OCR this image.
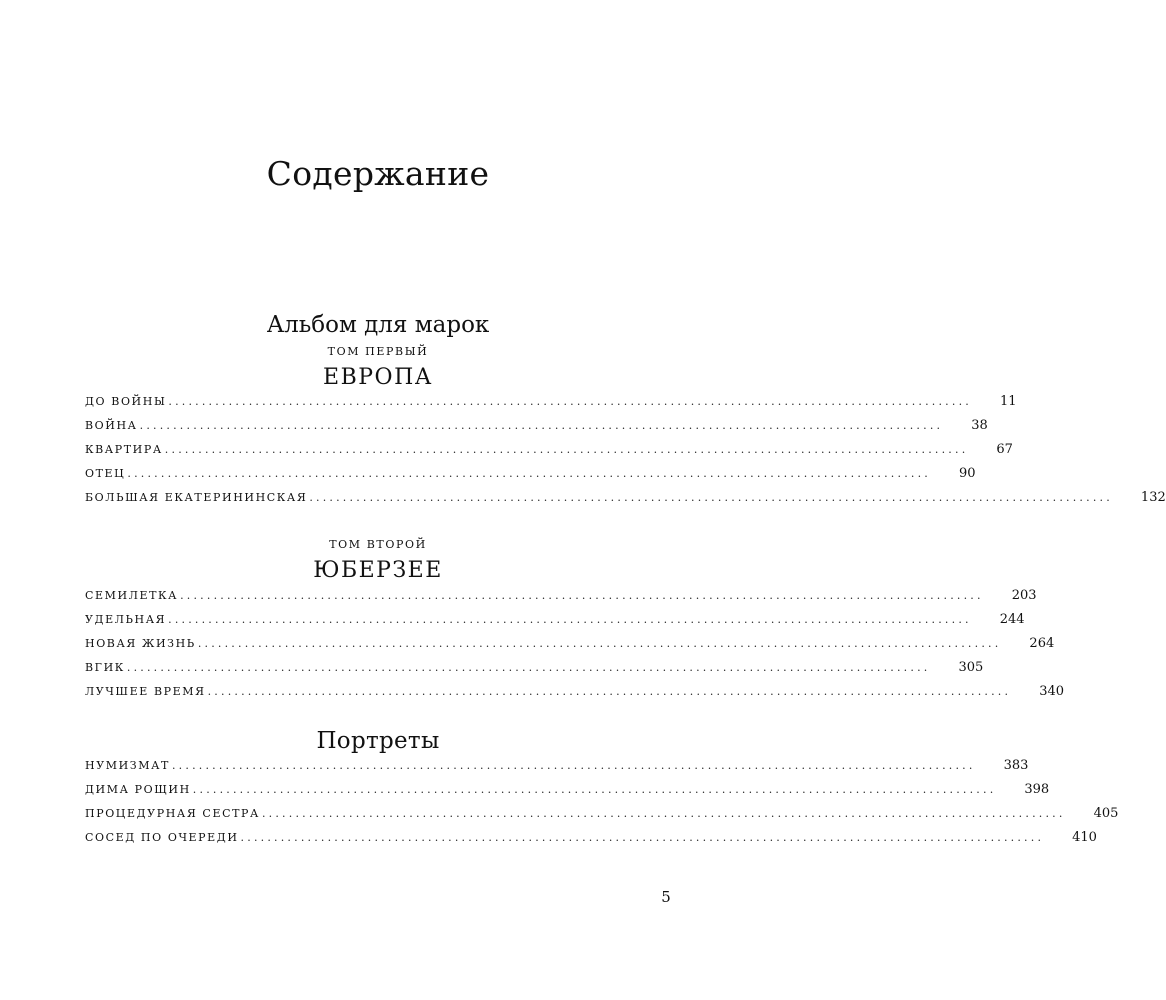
Содержание
Альбом для марок
ТОМ ПЕРВЫЙ
ЕВРОПА
ДО ВОЙНЫ ........................................................................................................................ 11
ВОЙНА ........................................................................................................................ 38
КВАРТИРА ........................................................................................................................ 67
ОТЕЦ ........................................................................................................................ 90
БОЛЬШАЯ ЕКАТЕРИНИНСКАЯ ........................................................................................................................ 132
ТОМ ВТОРОЙ
ЮБЕРЗЕЕ
СЕМИЛЕТКА ........................................................................................................................ 203
УДЕЛЬНАЯ ........................................................................................................................ 244
НОВАЯ ЖИЗНЬ ........................................................................................................................ 264
ВГИК ........................................................................................................................ 305
ЛУЧШЕЕ ВРЕМЯ ........................................................................................................................ 340
Портреты
НУМИЗМАТ ........................................................................................................................ 383
ДИМА РОЩИН ........................................................................................................................ 398
ПРОЦЕДУРНАЯ СЕСТРА ........................................................................................................................ 405
СОСЕД ПО ОЧЕРЕДИ ........................................................................................................................ 410
5
